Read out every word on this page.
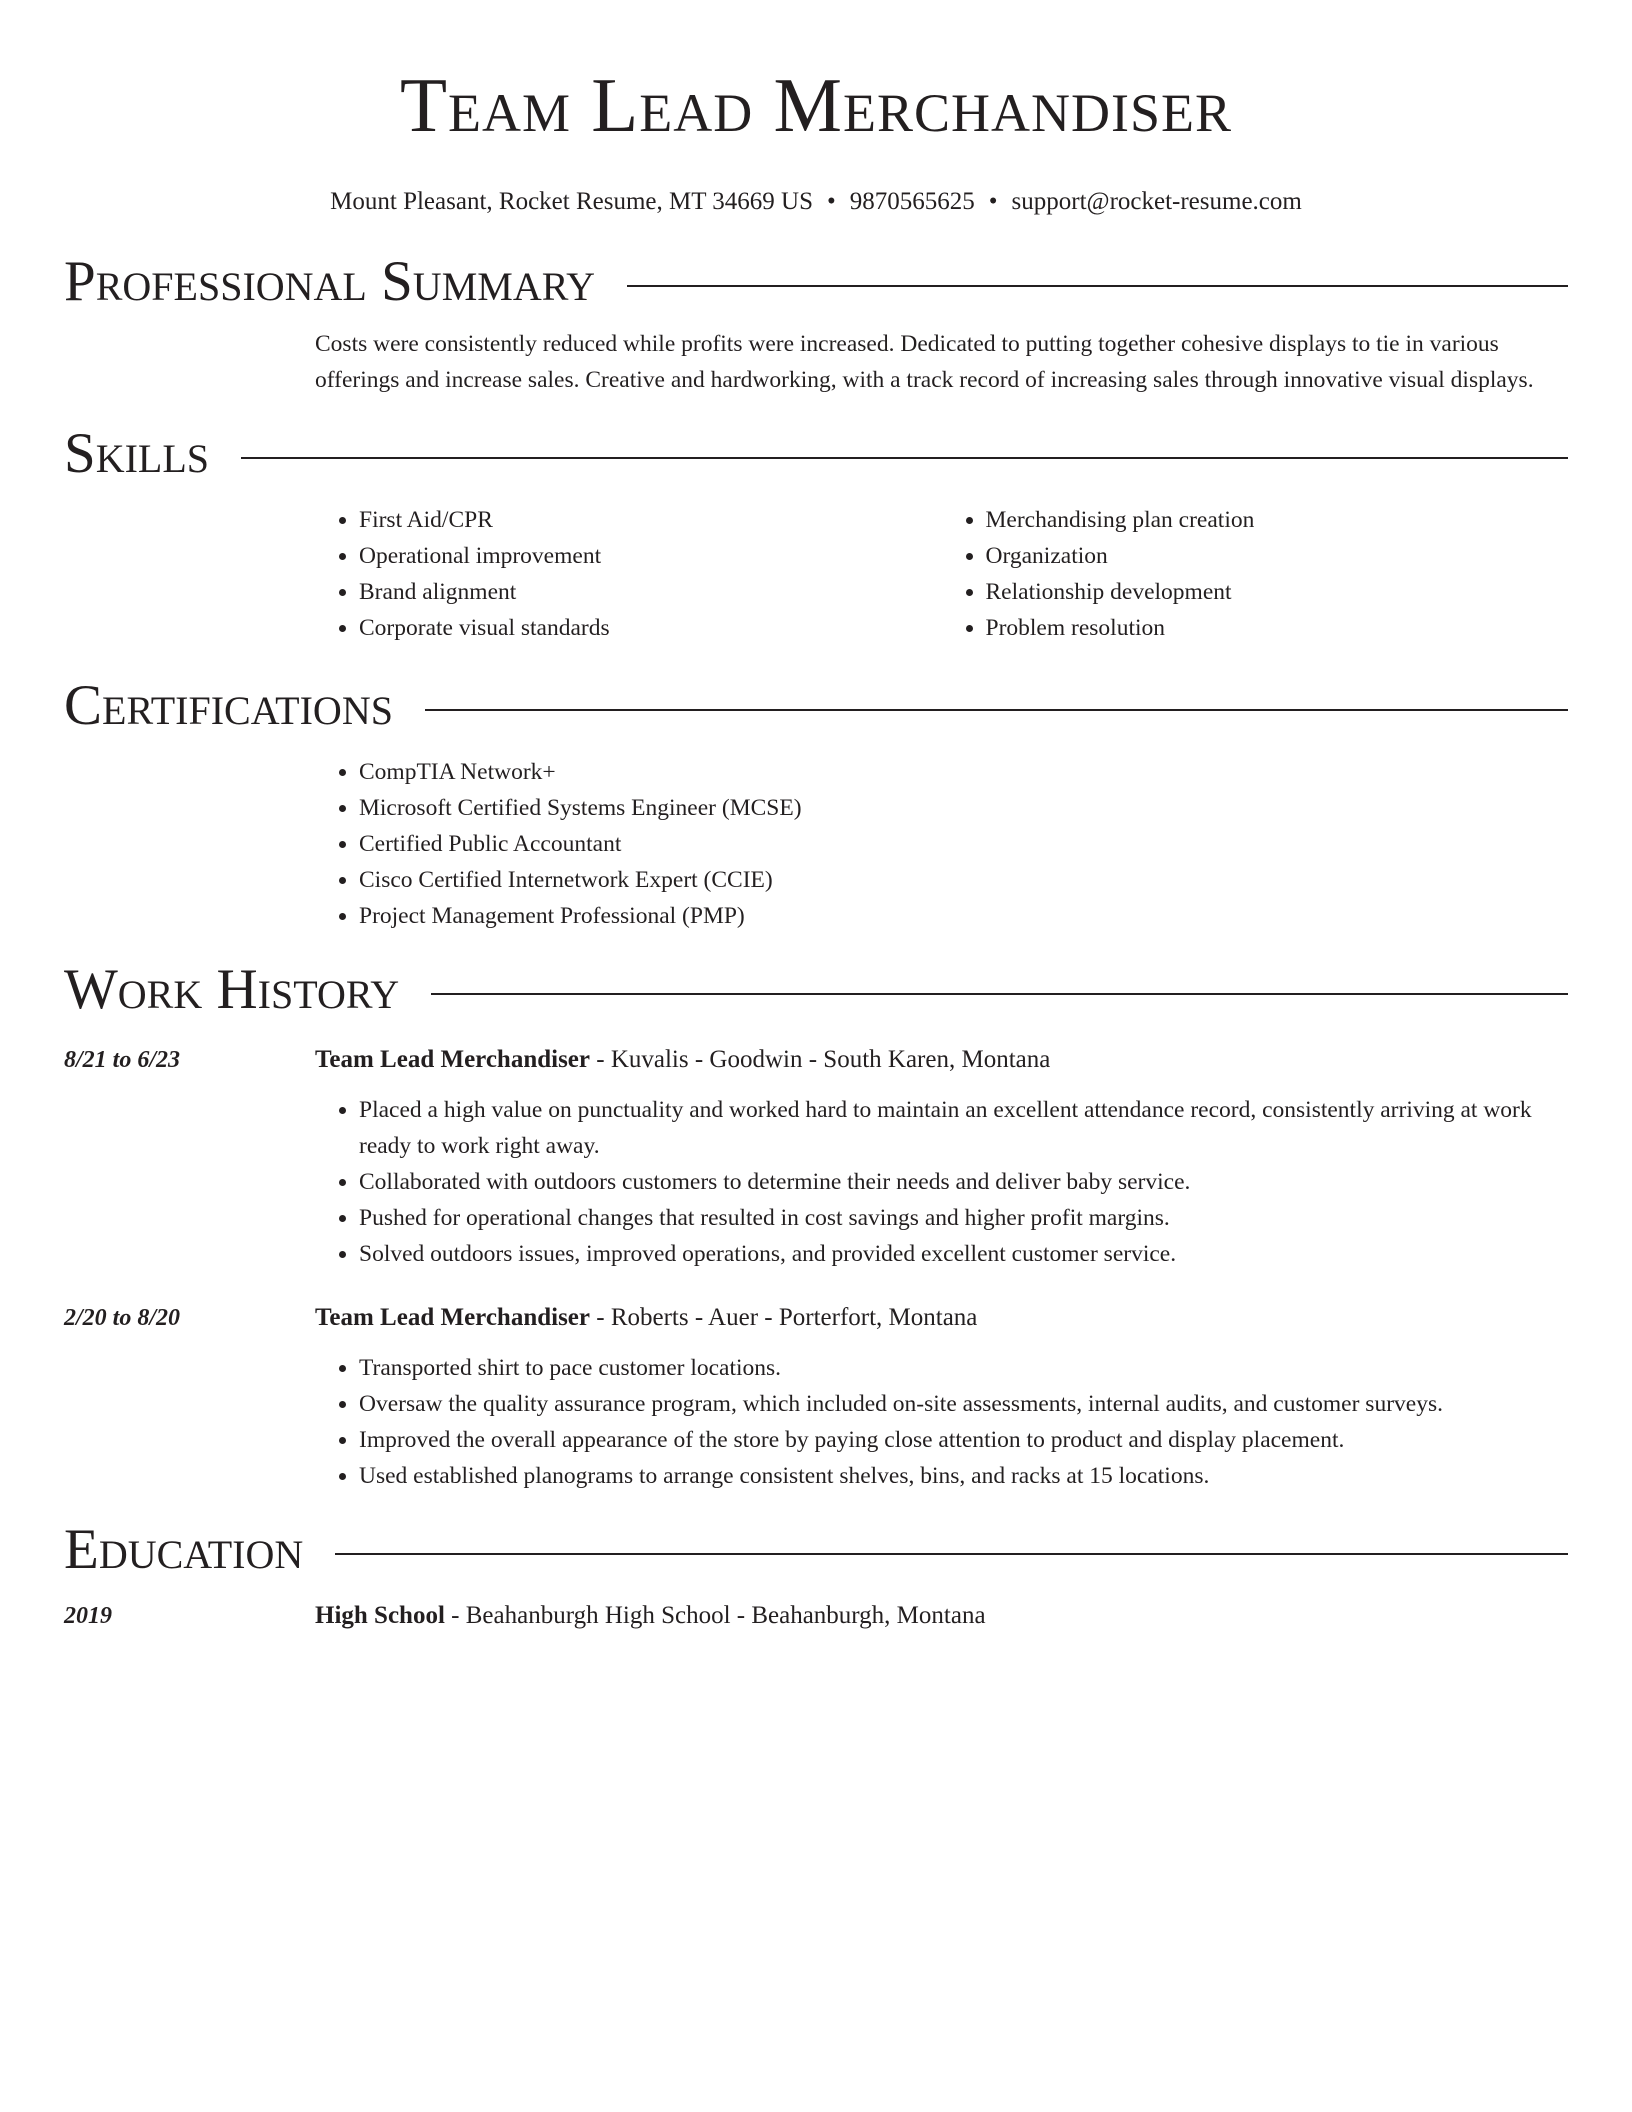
Team Lead Merchandiser
Mount Pleasant, Rocket Resume, MT 34669 US • 9870565625 • support@rocket-resume.com
Professional Summary

Costs were consistently reduced while profits were increased. Dedicated to putting together cohesive displays to tie in various offerings and increase sales. Creative and hardworking, with a track record of increasing sales through innovative visual displays.

Skills
• First Aid/CPR
• Operational improvement
• Brand alignment
• Corporate visual standards
• Merchandising plan creation
• Organization
• Relationship development
• Problem resolution
Certifications
• CompTIA Network+
• Microsoft Certified Systems Engineer (MCSE)
• Certified Public Accountant
• Cisco Certified Internetwork Expert (CCIE)
• Project Management Professional (PMP)
Work History
8/21 to 6/23	Team Lead Merchandiser - Kuvalis - Goodwin - South Karen, Montana
• Placed a high value on punctuality and worked hard to maintain an excellent attendance record, consistently arriving at work ready to work right away.
• Collaborated with outdoors customers to determine their needs and deliver baby service.
• Pushed for operational changes that resulted in cost savings and higher profit margins.
• Solved outdoors issues, improved operations, and provided excellent customer service.
2/20 to 8/20	Team Lead Merchandiser - Roberts - Auer - Porterfort, Montana
• Transported shirt to pace customer locations.
• Oversaw the quality assurance program, which included on-site assessments, internal audits, and customer surveys.
• Improved the overall appearance of the store by paying close attention to product and display placement.
• Used established planograms to arrange consistent shelves, bins, and racks at 15 locations.
Education
2019	High School - Beahanburgh High School - Beahanburgh, Montana
